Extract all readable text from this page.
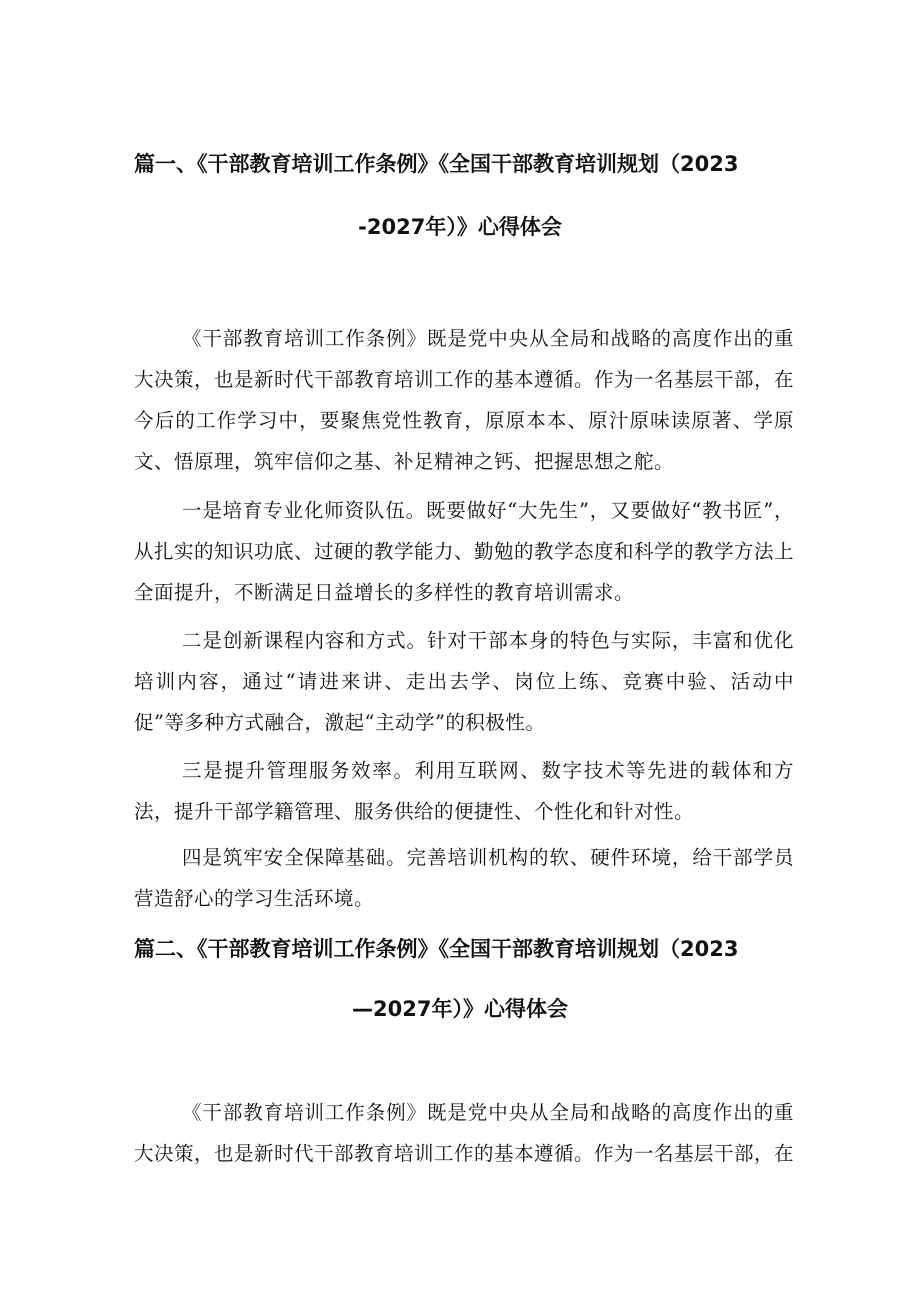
篇一、《干部教育培训工作条例》《全国干部教育培训规划（2023
-2027年）》心得体会
《干部教育培训工作条例》既是党中央从全局和战略的高度作出的重大决策，也是新时代干部教育培训工作的基本遵循。作为一名基层干部，在今后的工作学习中，要聚焦党性教育，原原本本、原汁原味读原著、学原文、悟原理，筑牢信仰之基、补足精神之钙、把握思想之舵。
一是培育专业化师资队伍。既要做好“大先生”，又要做好“教书匠”，从扎实的知识功底、过硬的教学能力、勤勉的教学态度和科学的教学方法上全面提升，不断满足日益增长的多样性的教育培训需求。
二是创新课程内容和方式。针对干部本身的特色与实际，丰富和优化培训内容，通过“请进来讲、走出去学、岗位上练、竞赛中验、活动中促”等多种方式融合，激起“主动学”的积极性。
三是提升管理服务效率。利用互联网、数字技术等先进的载体和方法，提升干部学籍管理、服务供给的便捷性、个性化和针对性。
四是筑牢安全保障基础。完善培训机构的软、硬件环境，给干部学员营造舒心的学习生活环境。
篇二、《干部教育培训工作条例》《全国干部教育培训规划（2023
—2027年）》心得体会
《干部教育培训工作条例》既是党中央从全局和战略的高度作出的重大决策，也是新时代干部教育培训工作的基本遵循。作为一名基层干部，在
